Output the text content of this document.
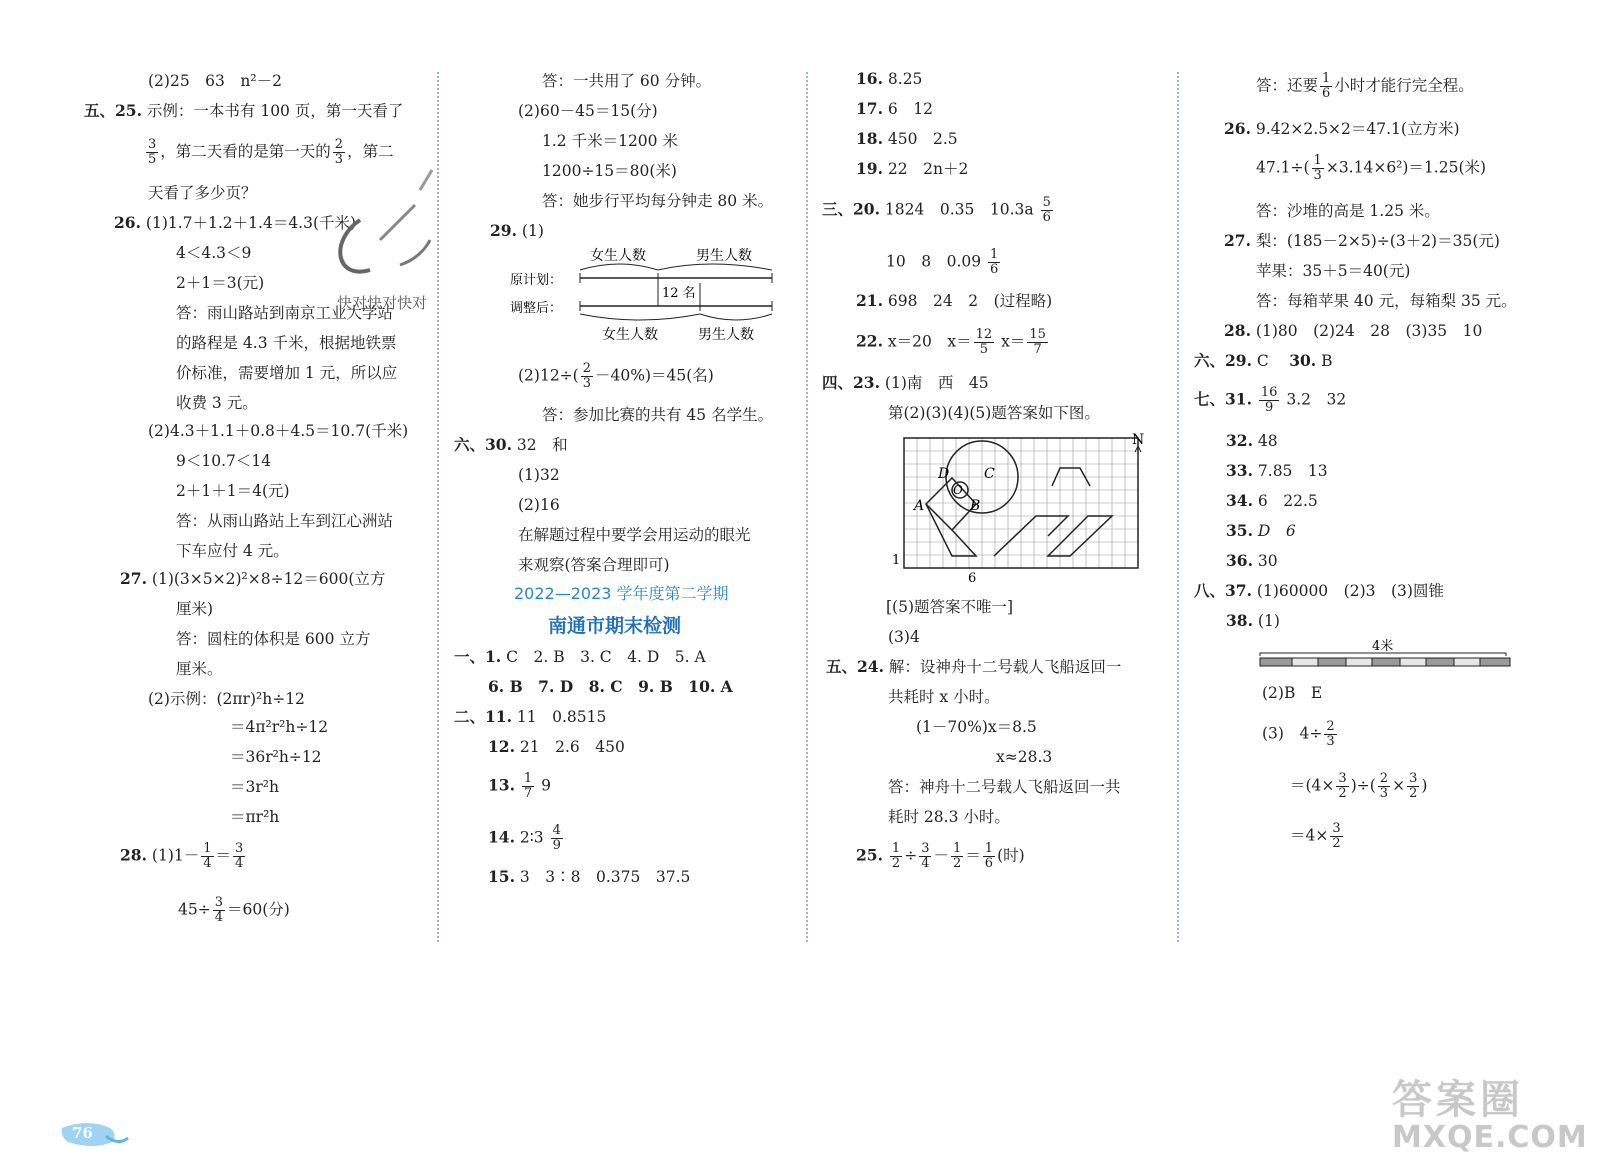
(2)25　63　n²－2
五、25. 示例：一本书有 100 页，第一天看了
$\frac{3}{5}$ ，第二天看的是第一天的 $\frac{2}{3}$ ，第二
天看了多少页？
26. (1)1.7＋1.2＋1.4＝4.3(千米)
4＜4.3＜9
2＋1＝3(元)
答：雨山路站到南京工业大学站
的路程是 4.3 千米，根据地铁票
价标准，需要增加 1 元，所以应
收费 3 元。
(2)4.3＋1.1＋0.8＋4.5＝10.7(千米)
9＜10.7＜14
2＋1＋1＝4(元)
答：从雨山路站上车到江心洲站
下车应付 4 元。
27. (1)(3×5×2)²×8÷12＝600(立方
厘米)
答：圆柱的体积是 600 立方
厘米。
(2)示例：(2πr)²h÷12
＝4π²r²h÷12
＝36r²h÷12
＝3r²h
＝πr²h
28. $(1)1- \frac{1}{4} = \frac{3}{4}$
$45\div \frac{3}{4} =60$(分)
快对快对快对
答：一共用了 60 分钟。
(2)60－45＝15(分)
1.2 千米＝1200 米
1200÷15＝80(米)
答：她步行平均每分钟走 80 米。
29. (1)
女生人数	男生人数
原计划：
调整后：
12 名
女生人数	男生人数
$(2)12\div( \frac{2}{3} -40\%)=45$(名)
答：参加比赛的共有 45 名学生。
六、30. 32　和
(1)32
(2)16
在解题过程中要学会用运动的眼光
来观察(答案合理即可)
2022—2023 学年度第二学期
南通市期末检测
一、1. C　2. B　3. C　4. D　5. A
6. B　7. D　8. C　9. B　10. A
二、11. 11　0.8515
12. 21　2.6　450
13. $\frac{1}{7} 9$
14. 2∶3 $\frac{4}{9}$
15. 3　3∶8　0.375　37.5
16. 8.25
17. 6　12
18. 450　2.5
19. 22　2n＋2
三、20. 1824　0.35　$10.3a \frac{5}{6}$
10　8　$0.09 \frac{1}{6}$
21. 698　24　2　(过程略)
22. x＝20　$x= \frac{12}{5} x= \frac{15}{7}$
四、23. (1)南　西　45
第(2)(3)(4)(5)题答案如下图。
D C
A	B
O
1
6
N
[(5)题答案不唯一]
(3)4
五、24. 解：设神舟十二号载人飞船返回一
共耗时 x 小时。
(1－70%)x＝8.5
x≈28.3
答：神舟十二号载人飞船返回一共
耗时 28.3 小时。
25. $\frac{1}{2} \div \frac{3}{4} - \frac{1}{2} = \frac{1}{6}$ (时)
答：还要 $\frac{1}{6}$ 小时才能行完全程。
26. 9.42×2.5×2＝47.1(立方米)
$47.1\div( \frac{1}{3} \times 3.14\times 6^2)=1.25$(米)
答：沙堆的高是 1.25 米。
27. 梨：(185－2×5)÷(3＋2)＝35(元)
苹果：35＋5＝40(元)
答：每箱苹果 40 元，每箱梨 35 元。
28. (1)80　(2)24　28　(3)35　10
六、29. C　 30. B
七、31. $\frac{16}{9} 3.2$　32
32. 48
33. 7.85　13
34. 6　22.5
35. D　6
36. 30
八、37. (1)60000　(2)3　(3)圆锥
38. (1)
4米
(2)B　E
(3)　$4\div \frac{2}{3}$
$=(4\times \frac{3}{2}$ )÷( $\frac{2}{3} \times \frac{3}{2}$ )
$=4\times \frac{3}{2}$
76
答案圈
MXQE.COM
